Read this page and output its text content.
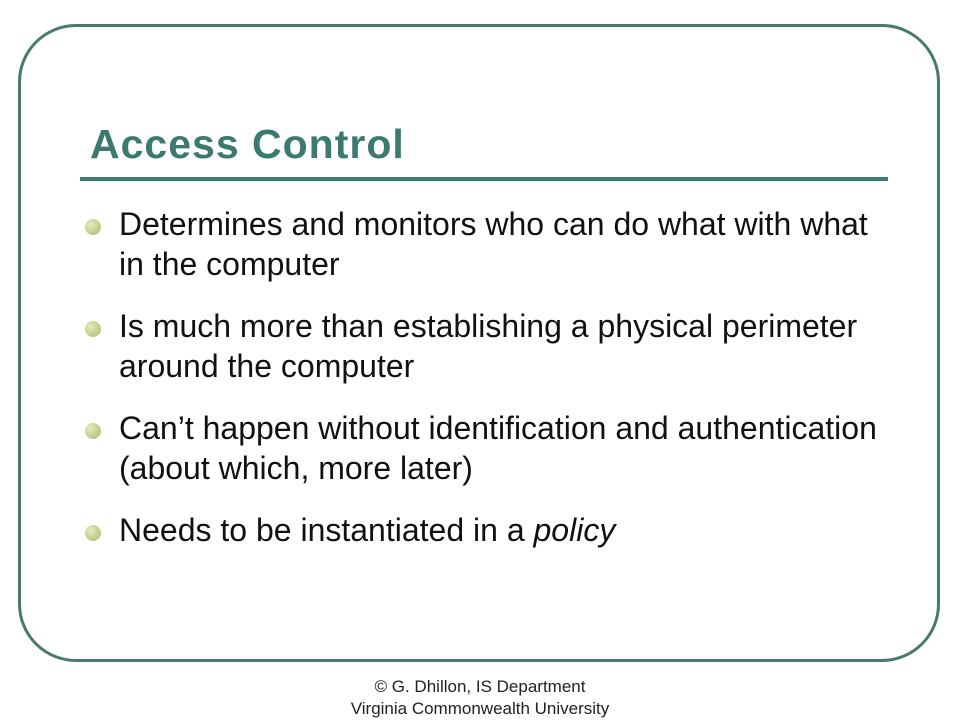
Access Control
Determines and monitors who can do what with what in the computer
Is much more than establishing a physical perimeter around the computer
Can’t happen without identification and authentication (about which, more later)
Needs to be instantiated in a policy
© G. Dhillon, IS Department
Virginia Commonwealth University
